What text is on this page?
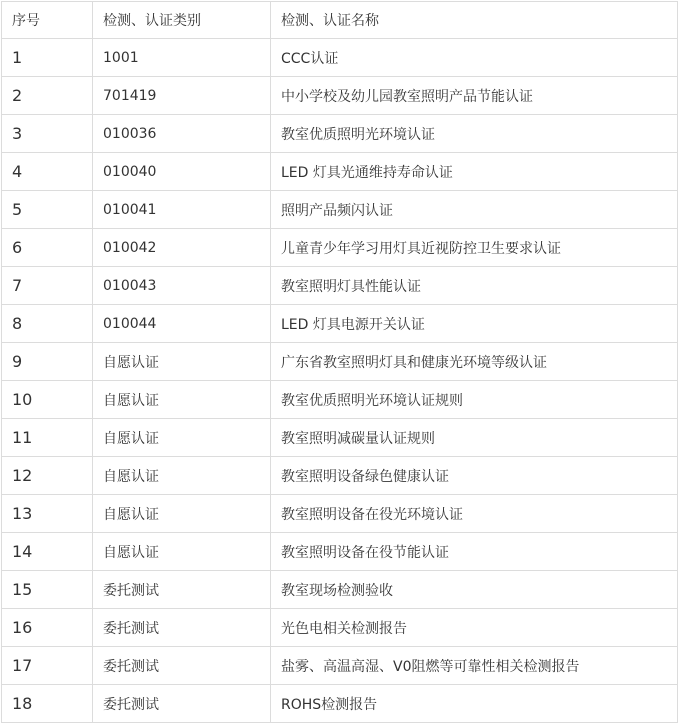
序号	检测、认证类别	检测、认证名称
1	1001	CCC认证
2	701419	中小学校及幼儿园教室照明产品节能认证
3	010036	教室优质照明光环境认证
4	010040	LED 灯具光通维持寿命认证
5	010041	照明产品频闪认证
6	010042	儿童青少年学习用灯具近视防控卫生要求认证
7	010043	教室照明灯具性能认证
8	010044	LED 灯具电源开关认证
9	自愿认证	广东省教室照明灯具和健康光环境等级认证
10	自愿认证	教室优质照明光环境认证规则
11	自愿认证	教室照明减碳量认证规则
12	自愿认证	教室照明设备绿色健康认证
13	自愿认证	教室照明设备在役光环境认证
14	自愿认证	教室照明设备在役节能认证
15	委托测试	教室现场检测验收
16	委托测试	光色电相关检测报告
17	委托测试	盐雾、高温高湿、V0阻燃等可靠性相关检测报告
18	委托测试	ROHS检测报告
